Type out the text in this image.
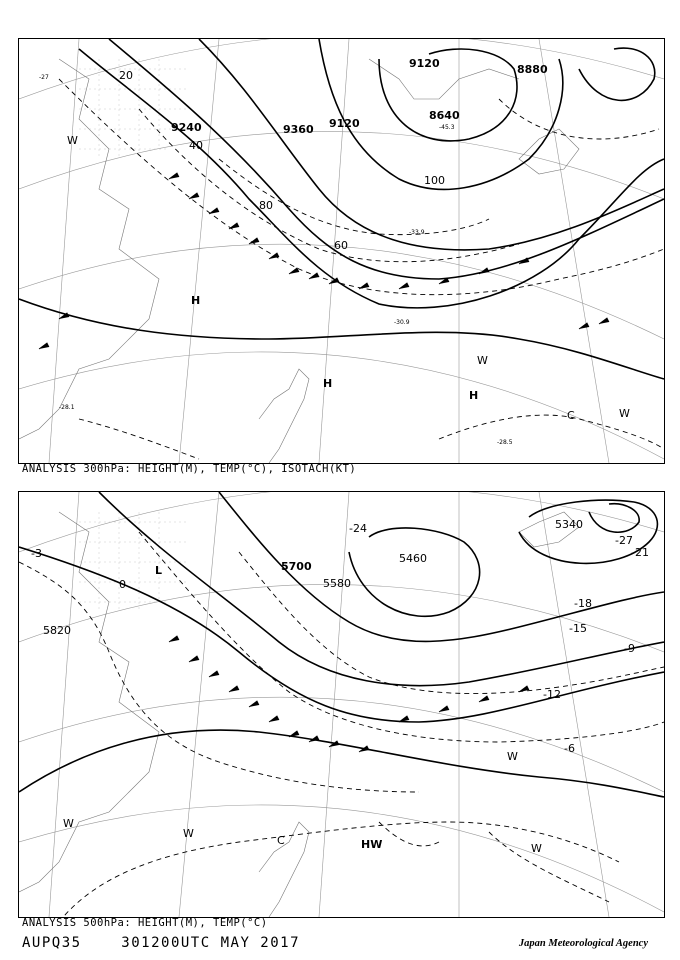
-27
-28.1
-30.9
-28.5
-33.9
-45.3
9120
9120
9240	9360
8880
8640
20
40
60
80
100
H
H
H
W
W
W
C
ANALYSIS 300hPa: HEIGHT(M), TEMP(°C), ISOTACH(KT)
5700
5580
5820
5460
5340
-3
-6
-9
-12
-15
-18
-21
-24
-27
0
L
W
W
W
W
HW
C
ANALYSIS 500hPa: HEIGHT(M), TEMP(°C)
AUPQ35	301200UTC MAY 2017	Japan Meteorological Agency
